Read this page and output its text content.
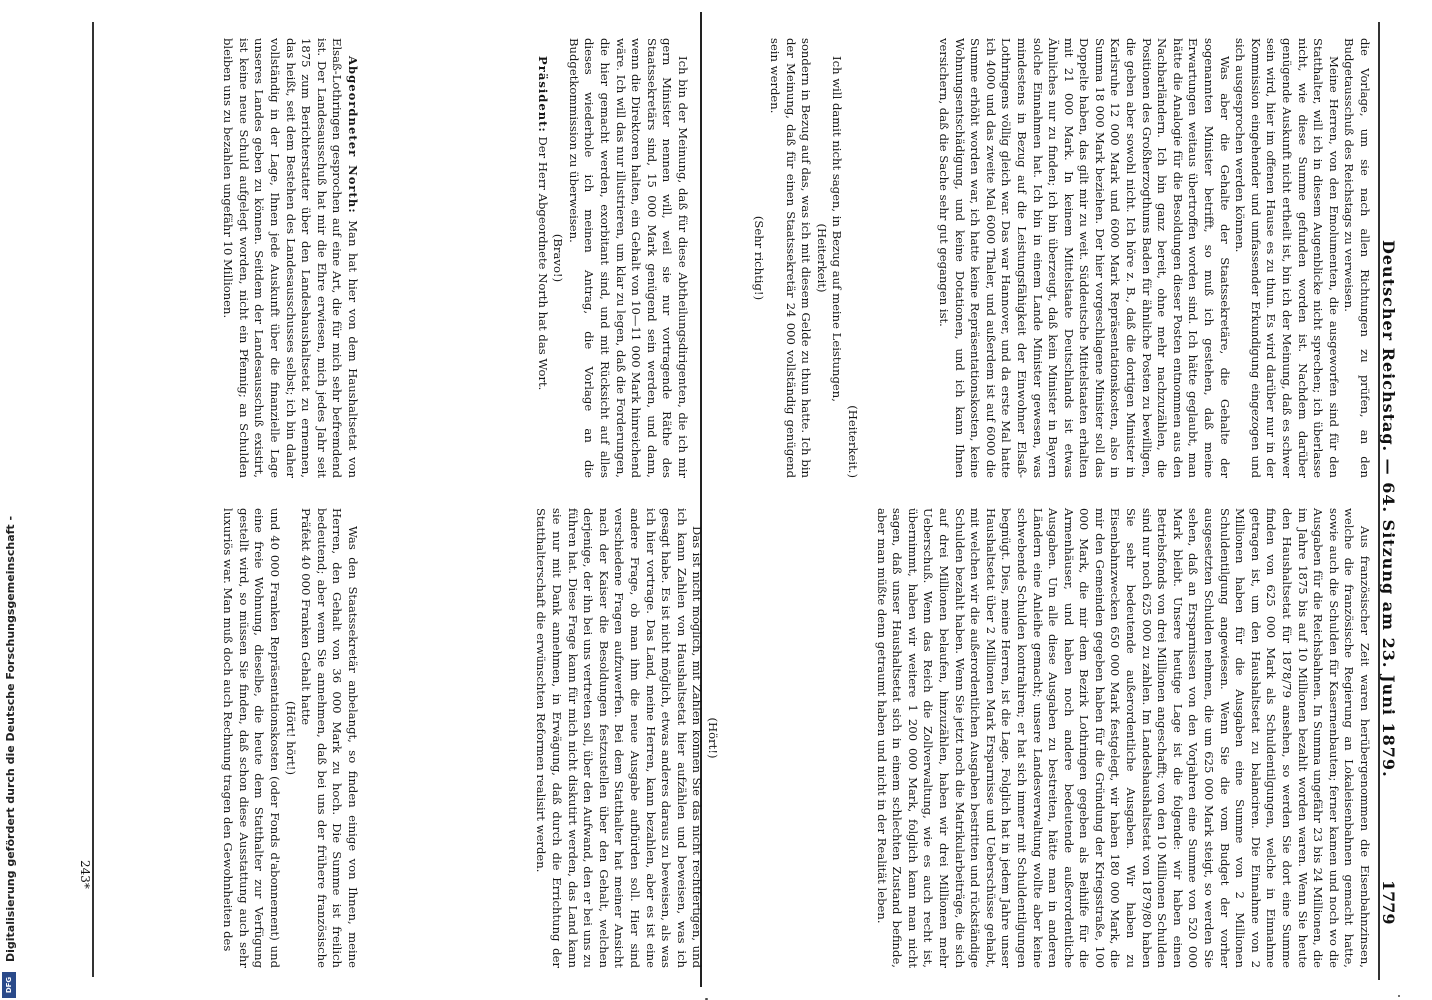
Deutscher Reichstag. — 64. Sitzung am 23. Juni 1879.
1779

die Vorlage, um sie nach allen Richtungen zu prüfen, an den Budgetausschuß des Reichstags zu verweisen.

Meine Herren, von den Emolumenten, die ausgeworfen sind für den Statthalter, will ich in diesem Augenblicke nicht sprechen; ich überlasse nicht, wie diese Summe gefunden worden ist. Nachdem darüber genügende Auskunft nicht ertheilt ist, bin ich der Meinung, daß es schwer sein wird, hier im offenen Hause es zu thun. Es wird darüber nur in der Kommission eingehender und umfassender Erkundigung eingezogen und sich ausgesprochen werden können.

Was aber die Gehalte der Staatssekretäre, die Gehalte der sogenannten Minister betrifft, so muß ich gestehen, daß meine Erwartungen weitaus übertroffen worden sind. Ich hätte geglaubt, man hätte die Analogie für die Besoldungen dieser Posten entnommen aus den Nachbarländern. Ich bin ganz bereit, ohne mehr nachzuzählen, die Positionen des Großherzogthums Baden für ähnliche Posten zu bewilligen, die geben aber sowohl nicht. Ich höre z. B., daß die dortigen Minister in Karlsruhe 12 000 Mark und 6000 Mark Repräsentationskosten, also in Summa 18 000 Mark beziehen. Der hier vorgeschlagene Minister soll das Doppelte haben, das gilt mir zu weit. Süddeutsche Mittelstaaten erhalten mit 21 000 Mark. In keinem Mittelstaate Deutschlands ist etwas Ähnliches nur zu finden; ich bin überzeugt, daß kein Minister in Bayern solche Einnahmen hat. Ich bin in einem Lande Minister gewesen, was mindestens in Bezug auf die Leistungsfähigkeit der Einwohner Elsaß-Lothringens völlig gleich war. Das war Hannover, und da erste Mal hatte ich 4000 und das zweite Mal 6000 Thaler, und außerdem ist auf 6000 die Summe erhöht worden war, ich hatte keine Repräsentationskosten, keine Wohnungsentschädigung, und keine Dotationen, und ich kann Ihnen versichern, daß die Sache sehr gut gegangen ist.

(Heiterkeit.)

Ich will damit nicht sagen, in Bezug auf meine Leistungen,

(Heiterkeit)

sondern in Bezug auf das, was ich mit diesem Gelde zu thun hatte. Ich bin der Meinung, daß für einen Staatssekretär 24 000 vollständig genügend sein werden.

(Sehr richtig!)

Ich bin der Meinung, daß für diese Abtheilungsdirigenten, die ich mir gern Minister nennen will, weil sie nur vortragende Räthe des Staatssekretärs sind, 15 000 Mark genügend sein werden, und dann, wenn die Direktoren halten, ein Gehalt von 10—11 000 Mark hinreichend wäre. Ich will das nur illustrieren, um klar zu legen, daß die Forderungen, die hier gemacht werden, exorbitant sind, und mit Rücksicht auf alles dieses wiederhole ich meinen Antrag, die Vorlage an die Budgetkommission zu überweisen.

(Bravo!)

Präsident: Der Herr Abgeordnete North hat das Wort.

Abgeordneter North: Man hat hier von dem Haushaltsetat von Elsaß-Lothringen gesprochen auf eine Art, die für mich sehr befremdend ist. Der Landesausschuß hat mir die Ehre erwiesen, mich jedes Jahr seit 1875 zum Berichterstatter über den Landeshaushaltsetat zu ernennen, das heißt, seit dem Bestehen des Landesausschusses selbst; ich bin daher vollständig in der Lage, Ihnen jede Auskunft über die finanzielle Lage unseres Landes geben zu können. Seitdem der Landesausschuß existirt, ist keine neue Schuld aufgelegt worden, nicht ein Pfennig; an Schulden bleiben uns zu bezahlen ungefähr 10 Millionen.

243*
Digitalisierung gefördert durch die Deutsche Forschungsgemeinschaft -
DFG

Aus französischer Zeit waren herübergenommen die Eisenbahnzinsen, welche die französische Regierung an Lokaleisenbahnen gemacht hatte, sowie auch die Schulden für Kasernenbauten; ferner kamen und noch wo die Ausgaben für die Reichsbahnen. In Summa ungefähr 23 bis 24 Millionen, die im Jahre 1875 bis auf 10 Millionen bezahlt worden waren. Wenn Sie heute den Haushaltsetat für 1878/79 ansehen, so werden Sie dort eine Summe finden von 625 000 Mark als Schuldentilgungen, welche in Einnahme getragen ist, um den Haushaltsetat zu balanciren. Die Einnahme von 2 Millionen haben für die Ausgaben eine Summe von 2 Millionen Schuldentilgung angewiesen. Wenn Sie die vom Budget der vorher ausgesetzten Schulden nehmen, die um 625 000 Mark steigt, so werden Sie sehen, daß an Ersparnissen von den Vorjahren eine Summe von 520 000 Mark bleibt. Unsere heutige Lage ist die folgende: wir haben einen Betriebsfonds von drei Millionen angeschafft; von den 10 Millionen Schulden sind nur noch 625 000 zu zahlen. Im Landeshaushaltsetat von 1879/80 haben Sie sehr bedeutende außerordentliche Ausgaben. Wir haben zu Eisenbahnzwecken 650 000 Mark festgelegt, wir haben 180 000 Mark, die mir den Gemeinden gegeben haben für die Gründung der Kriegsstraße, 100 000 Mark, die mir dem Bezirk Lothringen gegeben als Beihilfe für die Armenhäuser, und haben noch andere bedeutende außerordentliche Ausgaben. Um alle diese Ausgaben zu bestreiten, hätte man in anderen Ländern eine Anleihe gemacht; unsere Landesverwaltung wollte aber keine schwebende Schulden kontrahiren; er hat sich immer mit Schuldentilgungen begnügt. Dies, meine Herren, ist die Lage. Folglich hat in jedem Jahre unser Haushaltsetat über 2 Millionen Mark Ersparnisse und Ueberschüsse gehabt, mit welchen wir die außerordentlichen Ausgaben bestritten und rückständige Schulden bezahlt haben. Wenn Sie jetzt noch die Matrikularbeiträge, die sich auf drei Millionen belaufen, hinzuzählen, haben wir drei Millionen mehr Ueberschuß. Wenn das Reich die Zollverwaltung, wie es auch recht ist, übernimmt, haben wir weitere 1 200 000 Mark, folglich kann man nicht sagen, daß unser Haushaltsetat sich in einem schlechten Zustand befinde, aber man müßte denn getraumt haben und nicht in der Realität leben.

(Hört!)

Das ist nicht möglich, mit Zahlen können Sie das nicht rechtfertigen, und ich kann Zahlen von Haushaltsetat hier aufzählen und beweisen, was ich gesagt habe. Es ist nicht möglich, etwas anderes daraus zu beweisen, als was ich hier vortrage. Das Land, meine Herren, kann bezahlen, aber es ist eine andere Frage, ob man ihm die neue Ausgabe aufbürden soll. Hier sind verschiedene Fragen aufzuwerfen. Bei dem Statthalter hat meiner Ansicht nach der Kaiser die Besoldungen festzustellen über den Gehalt, welchen derjenige, der ihn bei uns vertreten soll, über den Aufwand, den er bei uns zu führen hat. Diese Frage kann für mich nicht diskutirt werden, das Land kann sie nur mit Dank annehmen, in Erwägung, daß durch die Errichtung der Statthalterschaft die erwünschten Reformen realisirt werden.

Was den Staatssekretär anbelangt, so finden einige von Ihnen, meine Herren, den Gehalt von 36 000 Mark zu hoch. Die Summe ist freilich bedeutend; aber wenn Sie annehmen, daß bei uns der frühere französische Präfekt 40 000 Franken Gehalt hatte

(Hört! hört!)

und 40 000 Franken Repräsentationskosten (oder Fonds d'abonnement) und eine freie Wohnung, dieselbe, die heute dem Statthalter zur Verfügung gestellt wird, so müssen Sie finden, daß schon diese Ausstattung auch sehr luxuriös war. Man muß doch auch Rechnung tragen den Gewohnheiten des
